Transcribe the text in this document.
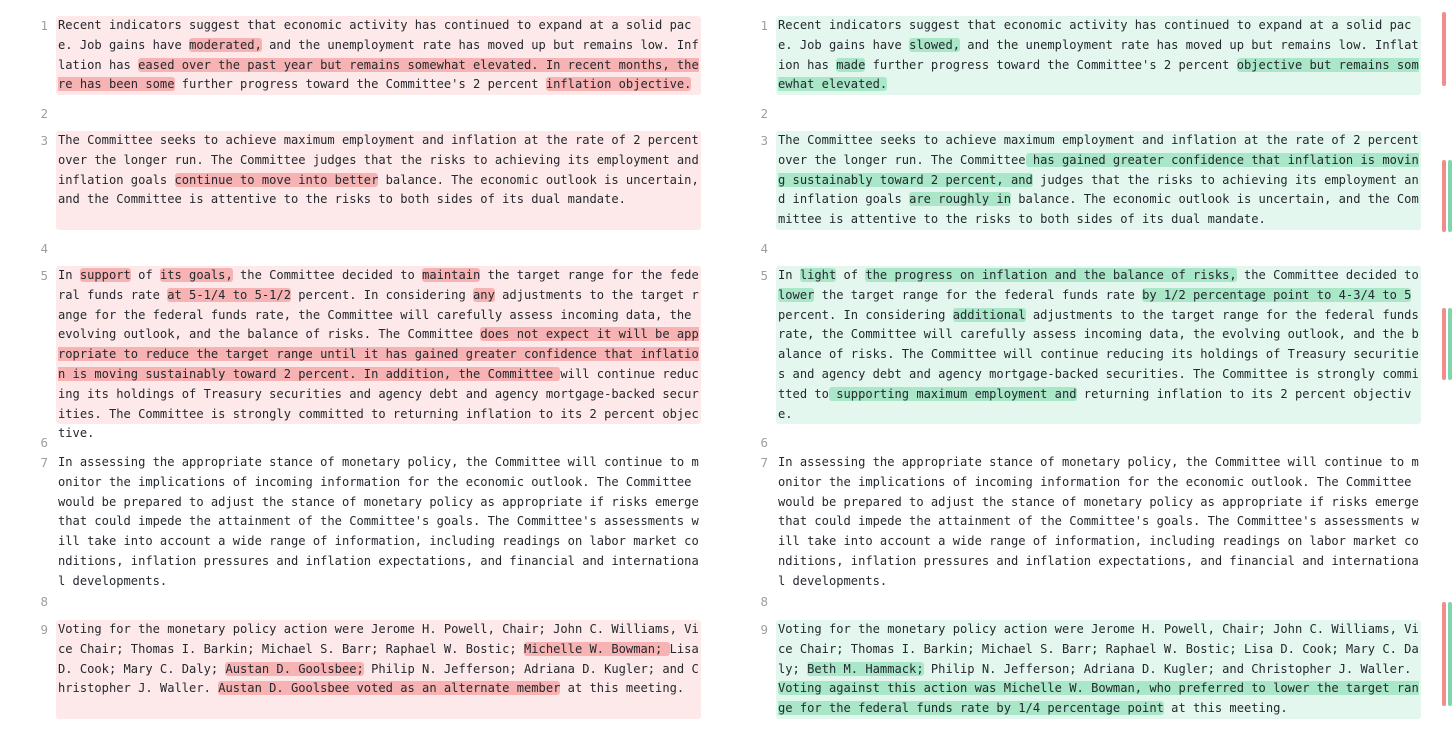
1 Recent indicators suggest that economic activity has continued to expand at a solid pace. Job gains have moderated, and the unemployment rate has moved up but remains low. Inflation has eased over the past year but remains somewhat elevated. In recent months, there has been some further progress toward the Committee's 2 percent inflation objective.
2
3 The Committee seeks to achieve maximum employment and inflation at the rate of 2 percent over the longer run. The Committee judges that the risks to achieving its employment and inflation goals continue to move into better balance. The economic outlook is uncertain, and the Committee is attentive to the risks to both sides of its dual mandate.
4
5 In support of its goals, the Committee decided to maintain the target range for the federal funds rate at 5-1/4 to 5-1/2 percent. In considering any adjustments to the target range for the federal funds rate, the Committee will carefully assess incoming data, the evolving outlook, and the balance of risks. The Committee does not expect it will be appropriate to reduce the target range until it has gained greater confidence that inflation is moving sustainably toward 2 percent. In addition, the Committee will continue reducing its holdings of Treasury securities and agency debt and agency mortgage-backed securities. The Committee is strongly committed to returning inflation to its 2 percent objective.
6
7 In assessing the appropriate stance of monetary policy, the Committee will continue to monitor the implications of incoming information for the economic outlook. The Committee would be prepared to adjust the stance of monetary policy as appropriate if risks emerge that could impede the attainment of the Committee's goals. The Committee's assessments will take into account a wide range of information, including readings on labor market conditions, inflation pressures and inflation expectations, and financial and international developments.
8
9 Voting for the monetary policy action were Jerome H. Powell, Chair; John C. Williams, Vice Chair; Thomas I. Barkin; Michael S. Barr; Raphael W. Bostic; Michelle W. Bowman; Lisa D. Cook; Mary C. Daly; Austan D. Goolsbee; Philip N. Jefferson; Adriana D. Kugler; and Christopher J. Waller. Austan D. Goolsbee voted as an alternate member at this meeting.
1 Recent indicators suggest that economic activity has continued to expand at a solid pace. Job gains have slowed, and the unemployment rate has moved up but remains low. Inflation has made further progress toward the Committee's 2 percent objective but remains somewhat elevated.
2
3 The Committee seeks to achieve maximum employment and inflation at the rate of 2 percent over the longer run. The Committee has gained greater confidence that inflation is moving sustainably toward 2 percent, and judges that the risks to achieving its employment and inflation goals are roughly in balance. The economic outlook is uncertain, and the Committee is attentive to the risks to both sides of its dual mandate.
4
5 In light of the progress on inflation and the balance of risks, the Committee decided to lower the target range for the federal funds rate by 1/2 percentage point to 4-3/4 to 5 percent. In considering additional adjustments to the target range for the federal funds rate, the Committee will carefully assess incoming data, the evolving outlook, and the balance of risks. The Committee will continue reducing its holdings of Treasury securities and agency debt and agency mortgage-backed securities. The Committee is strongly committed to supporting maximum employment and returning inflation to its 2 percent objective.
6
7 In assessing the appropriate stance of monetary policy, the Committee will continue to monitor the implications of incoming information for the economic outlook. The Committee would be prepared to adjust the stance of monetary policy as appropriate if risks emerge that could impede the attainment of the Committee's goals. The Committee's assessments will take into account a wide range of information, including readings on labor market conditions, inflation pressures and inflation expectations, and financial and international developments.
8
9 Voting for the monetary policy action were Jerome H. Powell, Chair; John C. Williams, Vice Chair; Thomas I. Barkin; Michael S. Barr; Raphael W. Bostic; Lisa D. Cook; Mary C. Daly; Beth M. Hammack; Philip N. Jefferson; Adriana D. Kugler; and Christopher J. Waller. Voting against this action was Michelle W. Bowman, who preferred to lower the target range for the federal funds rate by 1/4 percentage point at this meeting.
